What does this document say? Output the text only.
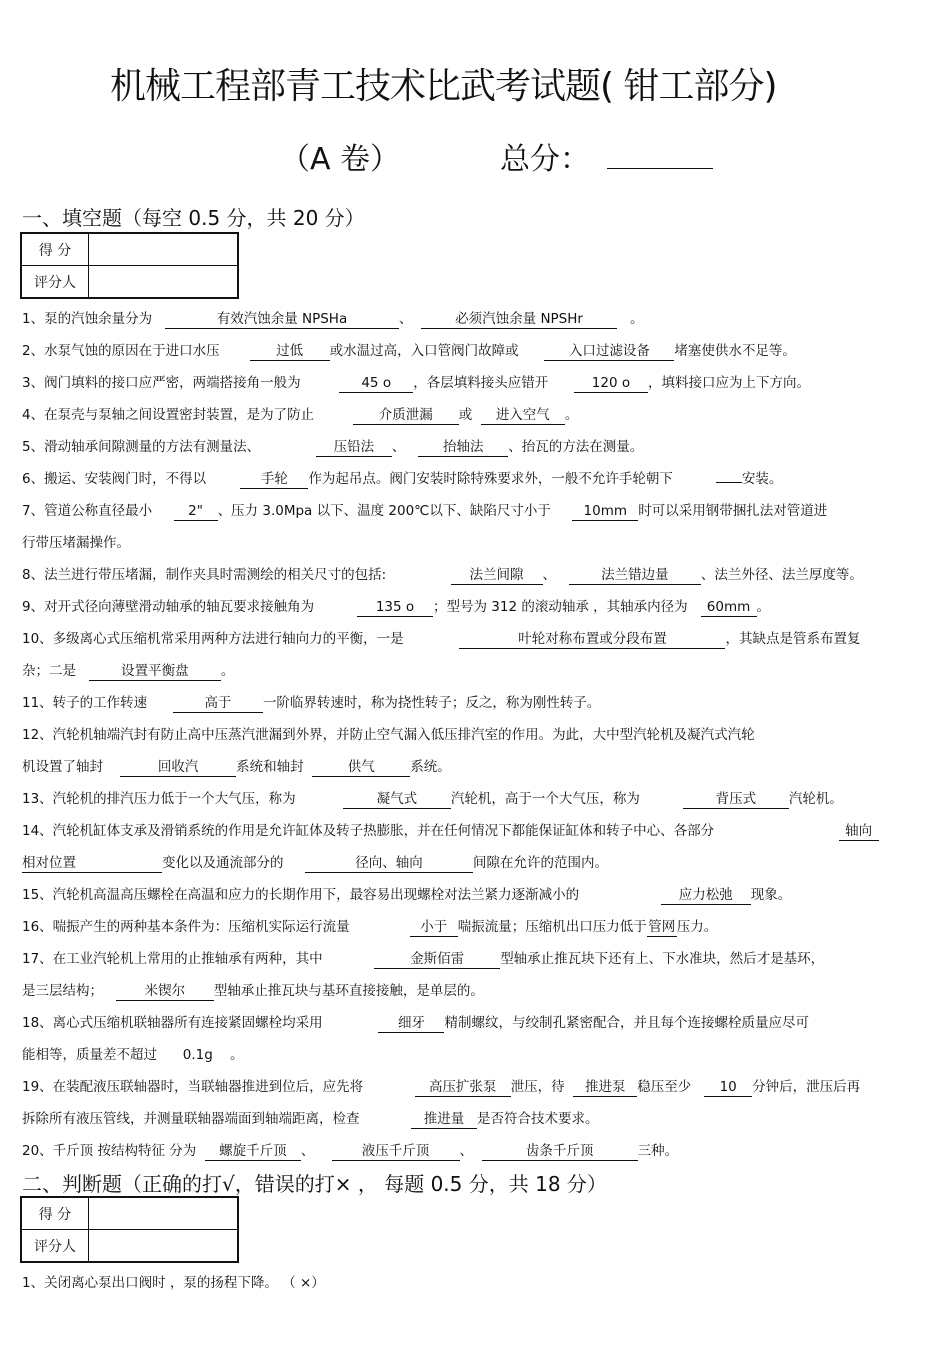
机械工程部青工技术比武考试题( 钳工部分)
（A 卷）	总分：
一、填空题（每空 0.5 分，共 20 分）
得 分	
评分人	
1、泵的汽蚀余量分为	有效汽蚀余量 NPSHa	、	必须汽蚀余量 NPSHr	。
2、水泵气蚀的原因在于进口水压	过低 或水温过高，入口管阀门故障或	入口过滤设备 堵塞使供水不足等。
3、阀门填料的接口应严密，两端搭接角一般为	45 o ，各层填料接头应错开	120 o ，填料接口应为上下方向。
4、在泵壳与泵轴之间设置密封装置，是为了防止	介质泄漏 或 进入空气 。
5、滑动轴承间隙测量的方法有测量法、	压铅法 、	抬轴法 、抬瓦的方法在测量。
6、搬运、安装阀门时，不得以	手轮 作为起吊点。阀门安装时除特殊要求外，一般不允许手轮朝下	安装。
7、管道公称直径最小	2" 、压力 3.0Mpa 以下、温度 200℃以下、缺陷尺寸小于 10mm 时可以采用钢带捆扎法对管道进
行带压堵漏操作。
8、法兰进行带压堵漏，制作夹具时需测绘的相关尺寸的包括:	法兰间隙 、	法兰错边量 、法兰外径、法兰厚度等。
9、对开式径向薄壁滑动轴承的轴瓦要求接触角为	135 o ；型号为 312 的滚动轴承 ，其轴承内径为 60mm 。
10、多级离心式压缩机常采用两种方法进行轴向力的平衡，一是	叶轮对称布置或分段布置	，其缺点是管系布置复
杂；二是	设置平衡盘 。
11、转子的工作转速	高于 一阶临界转速时，称为挠性转子；反之，称为刚性转子。
12、汽轮机轴端汽封有防止高中压蒸汽泄漏到外界，并防止空气漏入低压排汽室的作用。为此，大中型汽轮机及凝汽式汽轮
机设置了轴封	回收汽	系统和轴封	供气	系统。
13、汽轮机的排汽压力低于一个大气压，称为	凝气式	汽轮机，高于一个大气压，称为	背压式 汽轮机。
14、汽轮机缸体支承及滑销系统的作用是允许缸体及转子热膨胀，并在任何情况下都能保证缸体和转子中心、各部分	轴向
相对位置	变化以及通流部分的	径向、轴向	间隙在允许的范围内。
15、汽轮机高温高压螺栓在高温和应力的长期作用下，最容易出现螺栓对法兰紧力逐渐减小的	应力松弛 现象。
16、喘振产生的两种基本条件为：压缩机实际运行流量	小于 喘振流量；压缩机出口压力低于 管网 压力。
17、在工业汽轮机上常用的止推轴承有两种，其中	金斯佰雷	型轴承止推瓦块下还有上、下水准块，然后才是基环，
是三层结构；	米锲尔 型轴承止推瓦块与基环直接接触，是单层的。
18、离心式压缩机联轴器所有连接紧固螺栓均采用	细牙 精制螺纹，与绞制孔紧密配合，并且每个连接螺栓质量应尽可
能相等，质量差不超过 0.1g 。
19、在装配液压联轴器时，当联轴器推进到位后，应先将	高压扩张泵 泄压，待 推进泵 稳压至少 10 分钟后，泄压后再
拆除所有液压管线，并测量联轴器端面到轴端距离，检查	推进量 是否符合技术要求。
20、千斤顶 按结构特征 分为 螺旋千斤顶 、	液压千斤顶 、	齿条千斤顶	三种。
二、判断题（正确的打√，错误的打× ， 每题 0.5 分，共 18 分）
得 分	
评分人	
1、关闭离心泵出口阀时 ，泵的扬程下降。 （ ×）
